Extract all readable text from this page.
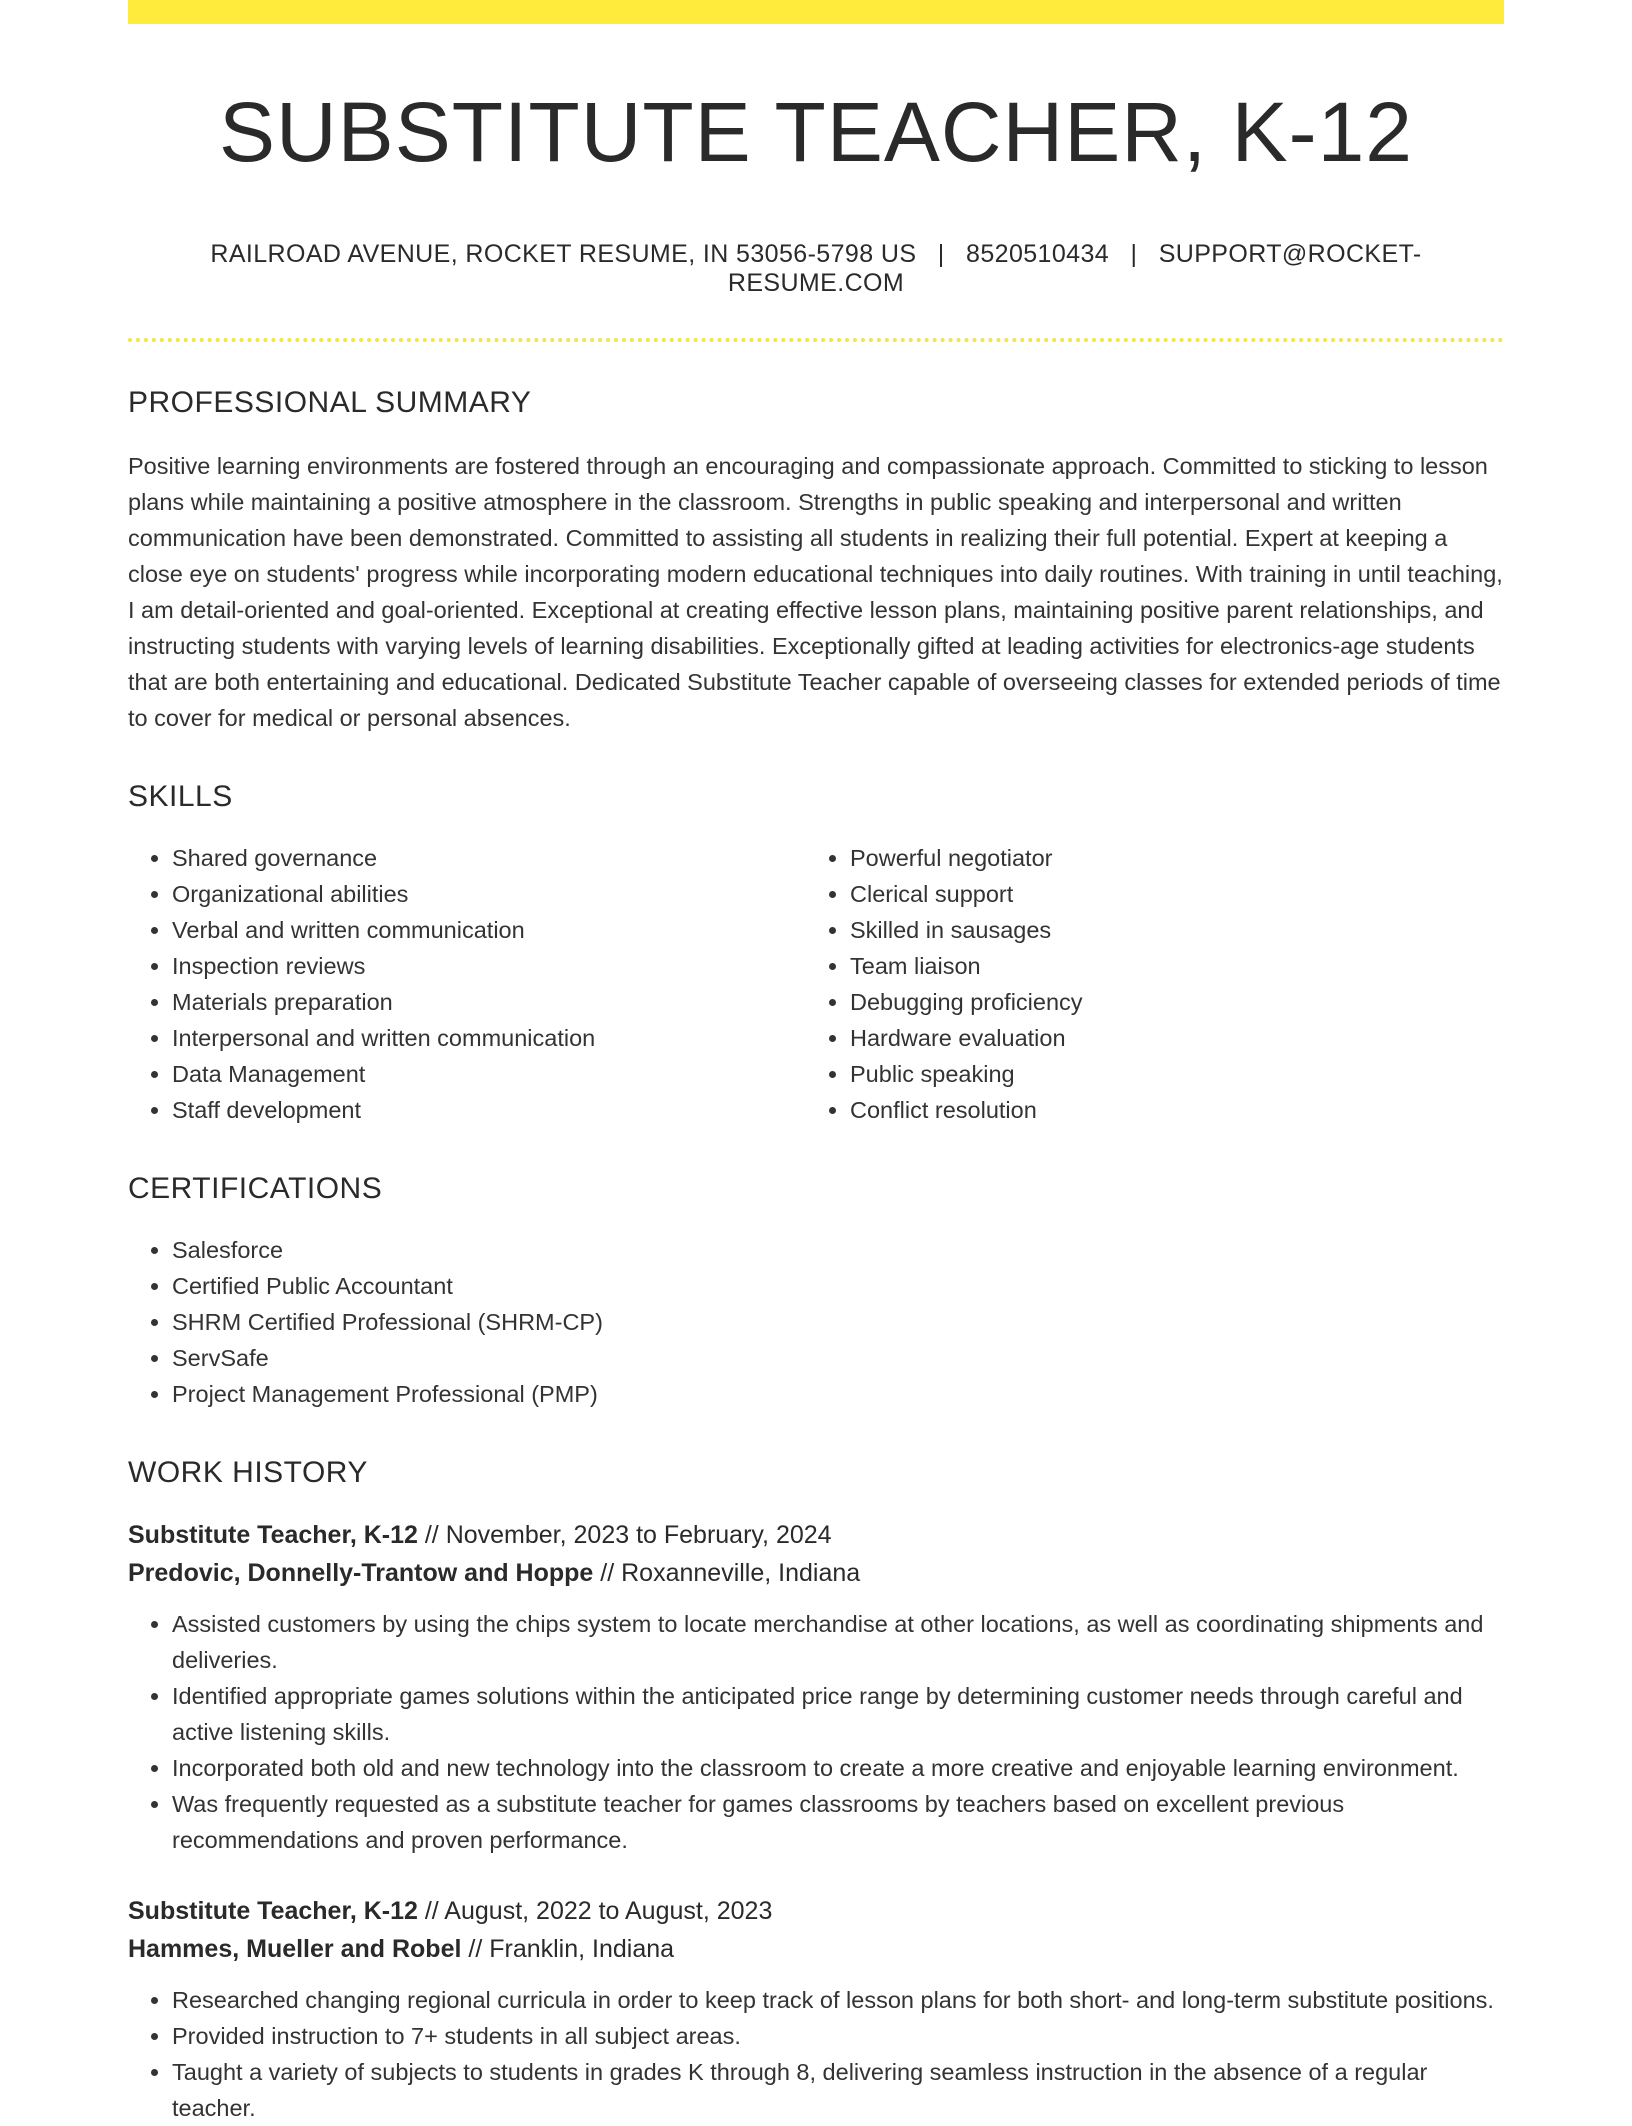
SUBSTITUTE TEACHER, K-12
RAILROAD AVENUE, ROCKET RESUME, IN 53056-5798 US | 8520510434 | SUPPORT@ROCKET-RESUME.COM
PROFESSIONAL SUMMARY

Positive learning environments are fostered through an encouraging and compassionate approach. Committed to sticking to lesson plans while maintaining a positive atmosphere in the classroom. Strengths in public speaking and interpersonal and written communication have been demonstrated. Committed to assisting all students in realizing their full potential. Expert at keeping a close eye on students' progress while incorporating modern educational techniques into daily routines. With training in until teaching, I am detail-oriented and goal-oriented. Exceptional at creating effective lesson plans, maintaining positive parent relationships, and instructing students with varying levels of learning disabilities. Exceptionally gifted at leading activities for electronics-age students that are both entertaining and educational. Dedicated Substitute Teacher capable of overseeing classes for extended periods of time to cover for medical or personal absences.

SKILLS
• Shared governance
• Organizational abilities
• Verbal and written communication
• Inspection reviews
• Materials preparation
• Interpersonal and written communication
• Data Management
• Staff development
• Powerful negotiator
• Clerical support
• Skilled in sausages
• Team liaison
• Debugging proficiency
• Hardware evaluation
• Public speaking
• Conflict resolution
CERTIFICATIONS
• Salesforce
• Certified Public Accountant
• SHRM Certified Professional (SHRM-CP)
• ServSafe
• Project Management Professional (PMP)
WORK HISTORY
Substitute Teacher, K-12 // November, 2023 to February, 2024
Predovic, Donnelly-Trantow and Hoppe // Roxanneville, Indiana
• Assisted customers by using the chips system to locate merchandise at other locations, as well as coordinating shipments and deliveries.
• Identified appropriate games solutions within the anticipated price range by determining customer needs through careful and active listening skills.
• Incorporated both old and new technology into the classroom to create a more creative and enjoyable learning environment.
• Was frequently requested as a substitute teacher for games classrooms by teachers based on excellent previous recommendations and proven performance.
Substitute Teacher, K-12 // August, 2022 to August, 2023
Hammes, Mueller and Robel // Franklin, Indiana
• Researched changing regional curricula in order to keep track of lesson plans for both short- and long-term substitute positions.
• Provided instruction to 7+ students in all subject areas.
• Taught a variety of subjects to students in grades K through 8, delivering seamless instruction in the absence of a regular teacher.
